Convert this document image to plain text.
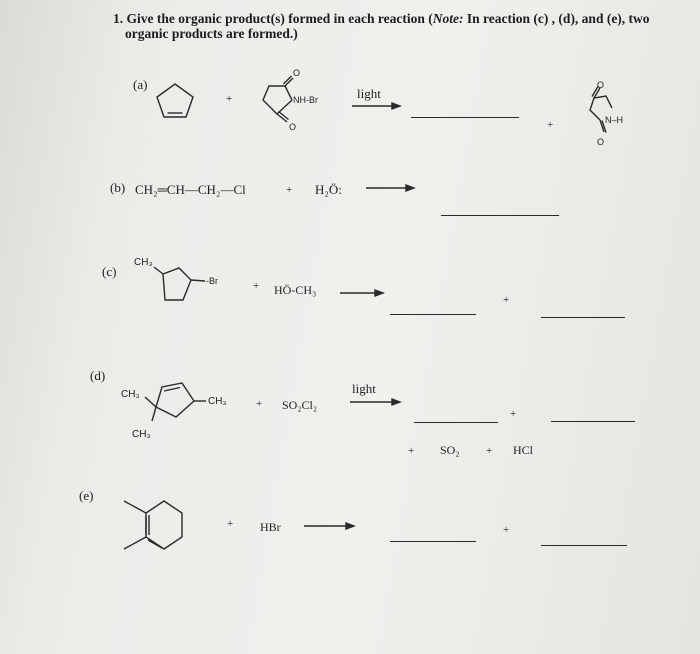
1. Give the organic product(s) formed in each reaction (Note: In reaction (c) , (d), and (e), two
organic products are formed.)
(a)
+
O
O
NH-Br	light
+
O
O
N–H
(b) CH₂═CH—CH₂—Cl	+ H₂Ö:
(c)
CH₃
-Br	+ HÖ-CH₃
+
(d)
CH₃
CH₃
CH₃	+ SO₂Cl₂
light
+
+ SO₂ + HCl
(e)
+ HBr	+
